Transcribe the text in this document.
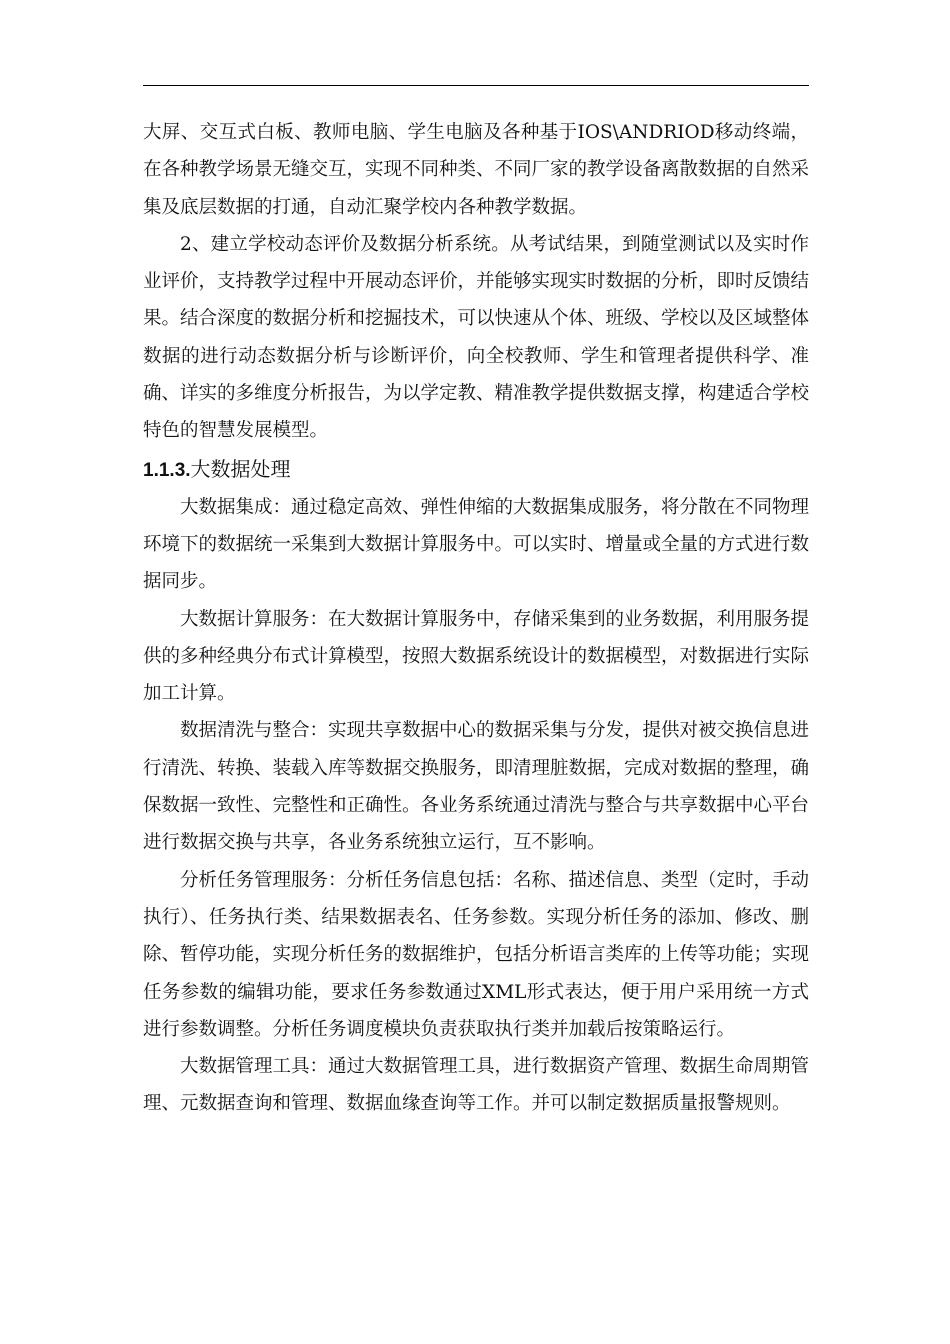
大屏、交互式白板、教师电脑、学生电脑及各种基于IOS\ANDRIOD移动终端，在各种教学场景无缝交互，实现不同种类、不同厂家的教学设备离散数据的自然采集及底层数据的打通，自动汇聚学校内各种教学数据。

2、建立学校动态评价及数据分析系统。从考试结果，到随堂测试以及实时作业评价，支持教学过程中开展动态评价，并能够实现实时数据的分析，即时反馈结果。结合深度的数据分析和挖掘技术，可以快速从个体、班级、学校以及区域整体数据的进行动态数据分析与诊断评价，向全校教师、学生和管理者提供科学、准确、详实的多维度分析报告，为以学定教、精准教学提供数据支撑，构建适合学校特色的智慧发展模型。

1.1.3.大数据处理

大数据集成：通过稳定高效、弹性伸缩的大数据集成服务，将分散在不同物理环境下的数据统一采集到大数据计算服务中。可以实时、增量或全量的方式进行数据同步。

大数据计算服务：在大数据计算服务中，存储采集到的业务数据，利用服务提供的多种经典分布式计算模型，按照大数据系统设计的数据模型，对数据进行实际加工计算。

数据清洗与整合：实现共享数据中心的数据采集与分发，提供对被交换信息进行清洗、转换、装载入库等数据交换服务，即清理脏数据，完成对数据的整理，确保数据一致性、完整性和正确性。各业务系统通过清洗与整合与共享数据中心平台进行数据交换与共享，各业务系统独立运行，互不影响。

分析任务管理服务：分析任务信息包括：名称、描述信息、类型（定时，手动执行）、任务执行类、结果数据表名、任务参数。实现分析任务的添加、修改、删除、暂停功能，实现分析任务的数据维护，包括分析语言类库的上传等功能；实现任务参数的编辑功能，要求任务参数通过XML形式表达，便于用户采用统一方式进行参数调整。分析任务调度模块负责获取执行类并加载后按策略运行。

大数据管理工具：通过大数据管理工具，进行数据资产管理、数据生命周期管理、元数据查询和管理、数据血缘查询等工作。并可以制定数据质量报警规则。
